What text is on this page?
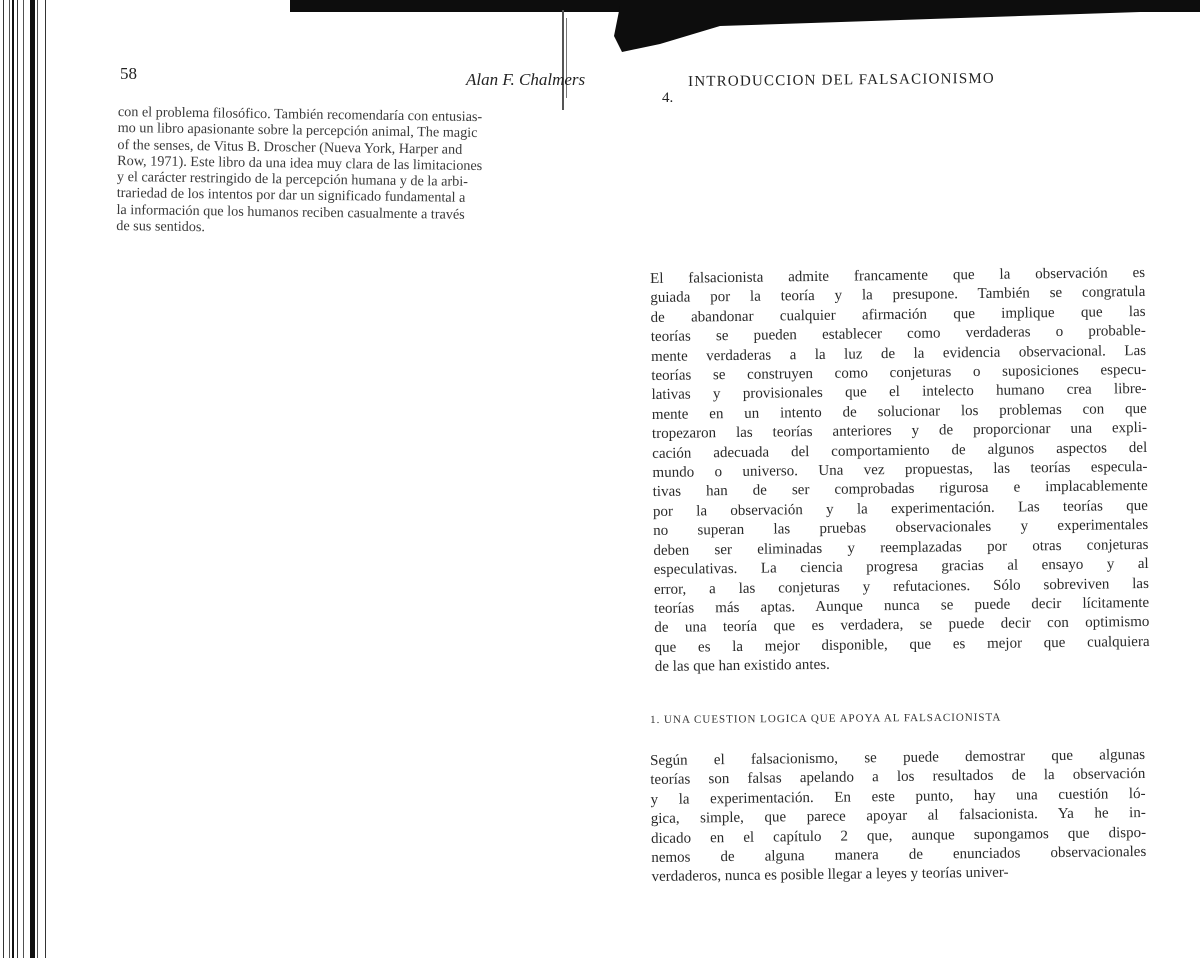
58	Alan F. Chalmers
con el problema filosófico. También recomendaría con entusias-
mo un libro apasionante sobre la percepción animal, The magic
of the senses, de Vitus B. Droscher (Nueva York, Harper and
Row, 1971). Este libro da una idea muy clara de las limitaciones
y el carácter restringido de la percepción humana y de la arbi-
trariedad de los intentos por dar un significado fundamental a
la información que los humanos reciben casualmente a través
de sus sentidos.
4.
INTRODUCCION DEL FALSACIONISMO
El falsacionista admite francamente que la observación es
guiada por la teoría y la presupone. También se congratula
de abandonar cualquier afirmación que implique que las
teorías se pueden establecer como verdaderas o probable-
mente verdaderas a la luz de la evidencia observacional. Las
teorías se construyen como conjeturas o suposiciones especu-
lativas y provisionales que el intelecto humano crea libre-
mente en un intento de solucionar los problemas con que
tropezaron las teorías anteriores y de proporcionar una expli-
cación adecuada del comportamiento de algunos aspectos del
mundo o universo. Una vez propuestas, las teorías especula-
tivas han de ser comprobadas rigurosa e implacablemente
por la observación y la experimentación. Las teorías que
no superan las pruebas observacionales y experimentales
deben ser eliminadas y reemplazadas por otras conjeturas
especulativas. La ciencia progresa gracias al ensayo y al
error, a las conjeturas y refutaciones. Sólo sobreviven las
teorías más aptas. Aunque nunca se puede decir lícitamente
de una teoría que es verdadera, se puede decir con optimismo
que es la mejor disponible, que es mejor que cualquiera
de las que han existido antes.
1. UNA CUESTION LOGICA QUE APOYA AL FALSACIONISTA
Según el falsacionismo, se puede demostrar que algunas
teorías son falsas apelando a los resultados de la observación
y la experimentación. En este punto, hay una cuestión ló-
gica, simple, que parece apoyar al falsacionista. Ya he in-
dicado en el capítulo 2 que, aunque supongamos que dispo-
nemos de alguna manera de enunciados observacionales
verdaderos, nunca es posible llegar a leyes y teorías univer-
